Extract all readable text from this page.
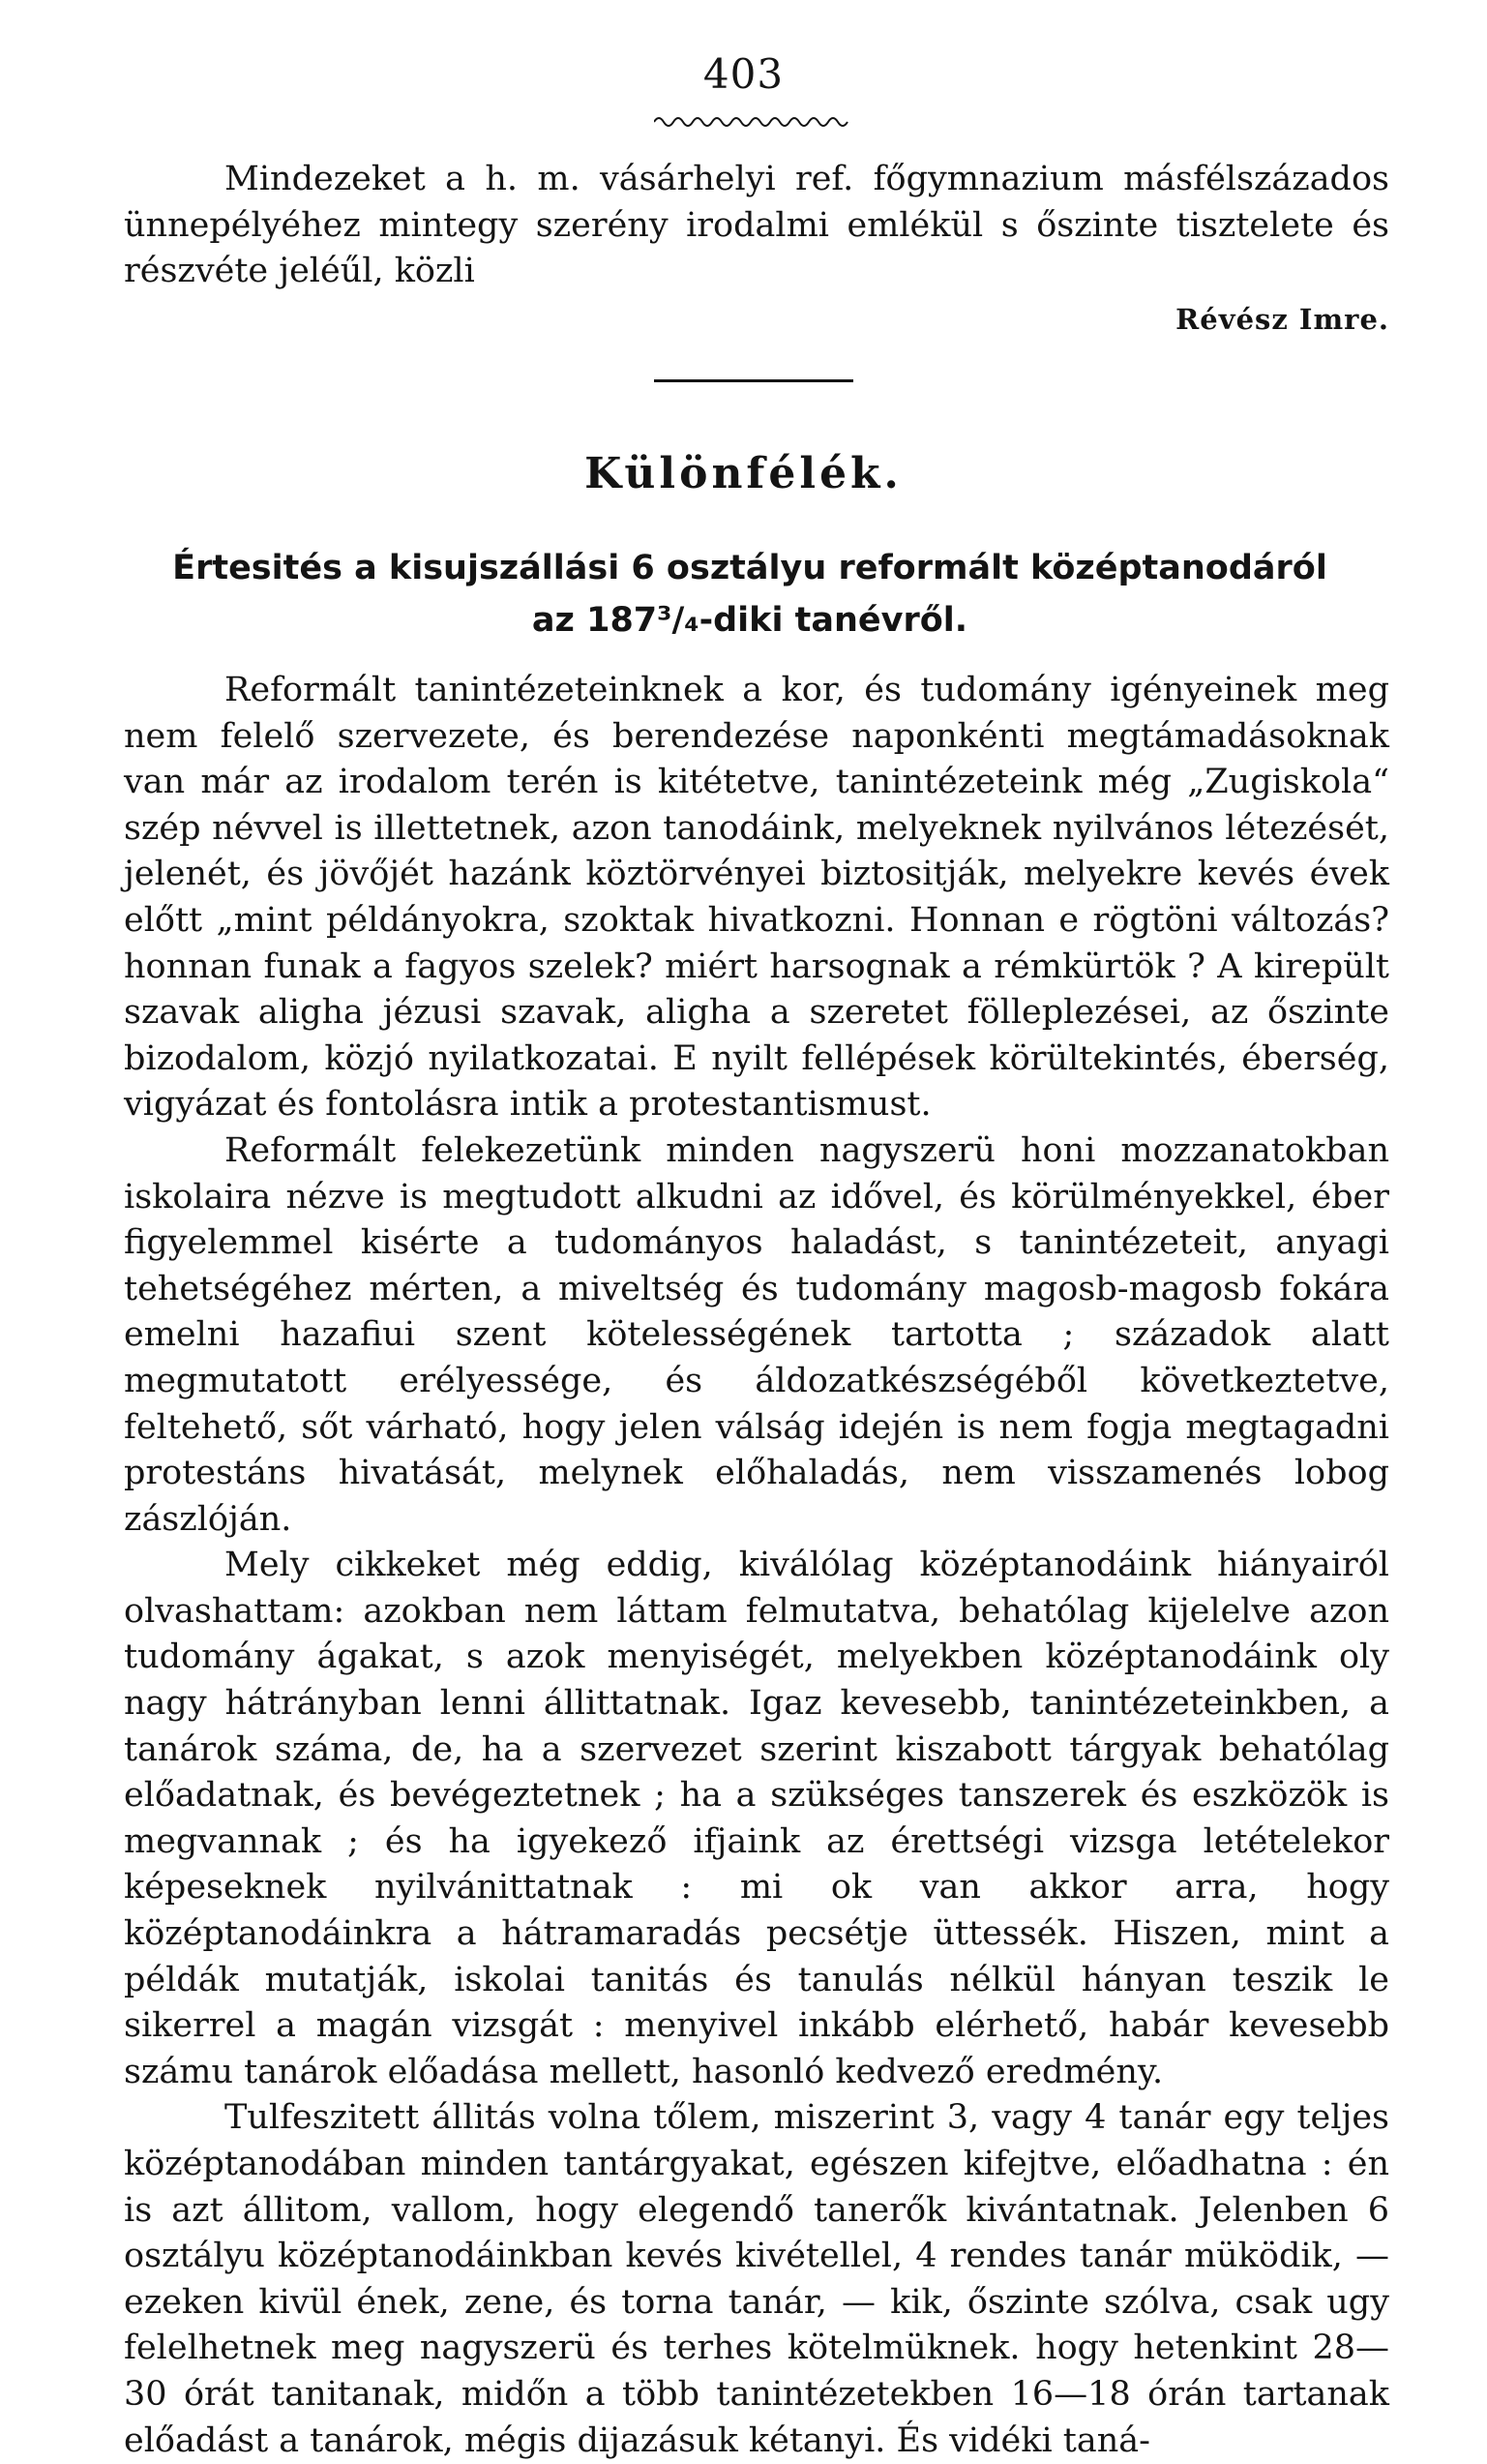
403

Mindezeket a h. m. vásárhelyi ref. főgymnazium másfélszázados ünnepélyéhez mintegy szerény irodalmi emlékül s őszinte tisztelete és részvéte jeléűl, közli

Révész Imre.
Különfélék.
Értesités a kisujszállási 6 osztályu reformált középtanodáról
az 187³/₄-diki tanévről.

Reformált tanintézeteinknek a kor, és tudomány igényeinek meg nem felelő szervezete, és berendezése naponkénti megtámadásoknak van már az irodalom terén is kitétetve, tanintézeteink még „Zugiskola“ szép névvel is illettetnek, azon tanodáink, melyeknek nyilvános létezését, jelenét, és jövőjét hazánk köztörvényei biztositják, melyekre kevés évek előtt „mint példányokra, szoktak hivatkozni. Honnan e rögtöni változás? honnan funak a fagyos szelek? miért harsognak a rémkürtök ? A kirepült szavak aligha jézusi szavak, aligha a szeretet fölleplezései, az őszinte bizodalom, közjó nyilatkozatai. E nyilt fellépések körültekintés, éberség, vigyázat és fontolásra intik a protestantismust.

Reformált felekezetünk minden nagyszerü honi mozzanatokban iskolaira nézve is megtudott alkudni az idővel, és körülményekkel, éber figyelemmel kisérte a tudományos haladást, s tanintézeteit, anyagi tehetségéhez mérten, a miveltség és tudomány magosb-magosb fokára emelni hazafiui szent kötelességének tartotta ; századok alatt megmutatott erélyessége, és áldozatkészségéből következtetve, feltehető, sőt várható, hogy jelen válság idején is nem fogja megtagadni protestáns hivatását, melynek előhaladás, nem visszamenés lobog zászlóján.

Mely cikkeket még eddig, kiválólag középtanodáink hiányairól olvashattam: azokban nem láttam felmutatva, behatólag kijelelve azon tudomány ágakat, s azok menyiségét, melyekben középtanodáink oly nagy hátrányban lenni állittatnak. Igaz kevesebb, tanintézeteinkben, a tanárok száma, de, ha a szervezet szerint kiszabott tárgyak behatólag előadatnak, és bevégeztetnek ; ha a szükséges tanszerek és eszközök is megvannak ; és ha igyekező ifjaink az érettségi vizsga letételekor képeseknek nyilvánittatnak : mi ok van akkor arra, hogy középtanodáinkra a hátramaradás pecsétje üttessék. Hiszen, mint a példák mutatják, iskolai tanitás és tanulás nélkül hányan teszik le sikerrel a magán vizsgát : menyivel inkább elérhető, habár kevesebb számu tanárok előadása mellett, hasonló kedvező eredmény.

Tulfeszitett állitás volna tőlem, miszerint 3, vagy 4 tanár egy teljes középtanodában minden tantárgyakat, egészen kifejtve, előadhatna : én is azt állitom, vallom, hogy elegendő tanerők kivántatnak. Jelenben 6 osztályu középtanodáinkban kevés kivétellel, 4 rendes tanár müködik, — ezeken kivül ének, zene, és torna tanár, — kik, őszinte szólva, csak ugy felelhetnek meg nagyszerü és terhes kötelmüknek. hogy hetenkint 28— 30 órát tanitanak, midőn a több tanintézetekben 16—18 órán tartanak előadást a tanárok, mégis dijazásuk kétanyi. És vidéki taná-
